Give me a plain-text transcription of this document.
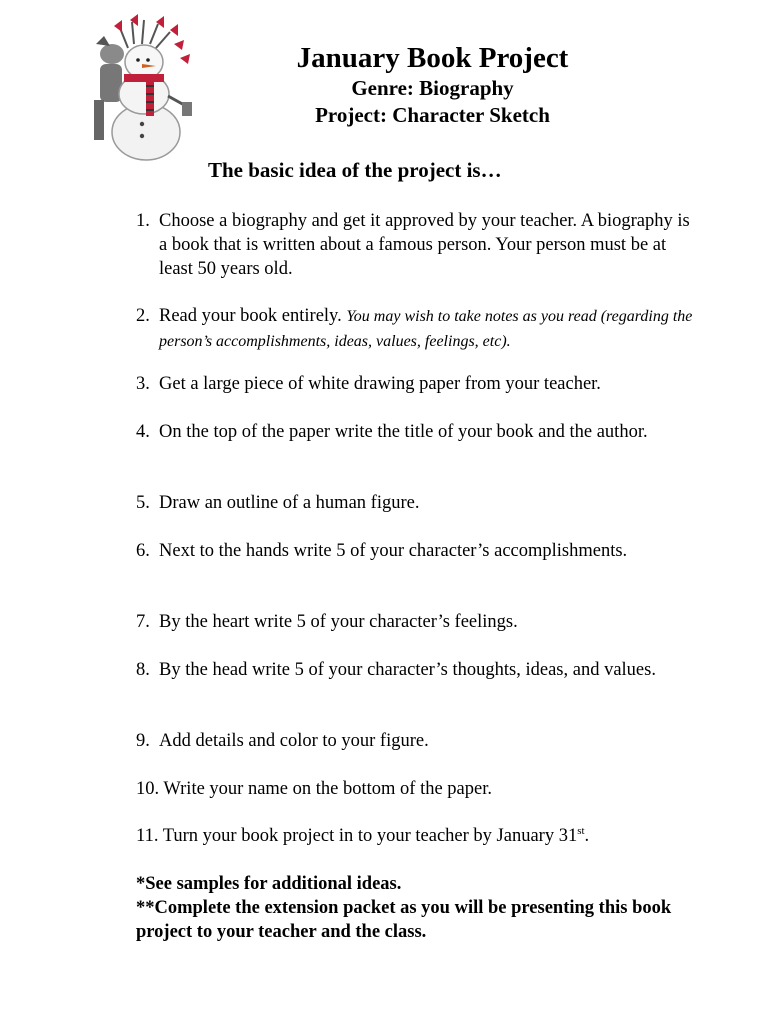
January Book Project
Genre: Biography
Project: Character Sketch
The basic idea of the project is…
1. Choose a biography and get it approved by your teacher. A biography is a book that is written about a famous person. Your person must be at least 50 years old.
2. Read your book entirely. You may wish to take notes as you read (regarding the person’s accomplishments, ideas, values, feelings, etc).
3. Get a large piece of white drawing paper from your teacher.
4. On the top of the paper write the title of your book and the author.
5. Draw an outline of a human figure.
6. Next to the hands write 5 of your character’s accomplishments.
7. By the heart write 5 of your character’s feelings.
8. By the head write 5 of your character’s thoughts, ideas, and values.
9. Add details and color to your figure.
10. Write your name on the bottom of the paper.
11. Turn your book project in to your teacher by January 31st.
*See samples for additional ideas.
**Complete the extension packet as you will be presenting this book project to your teacher and the class.
